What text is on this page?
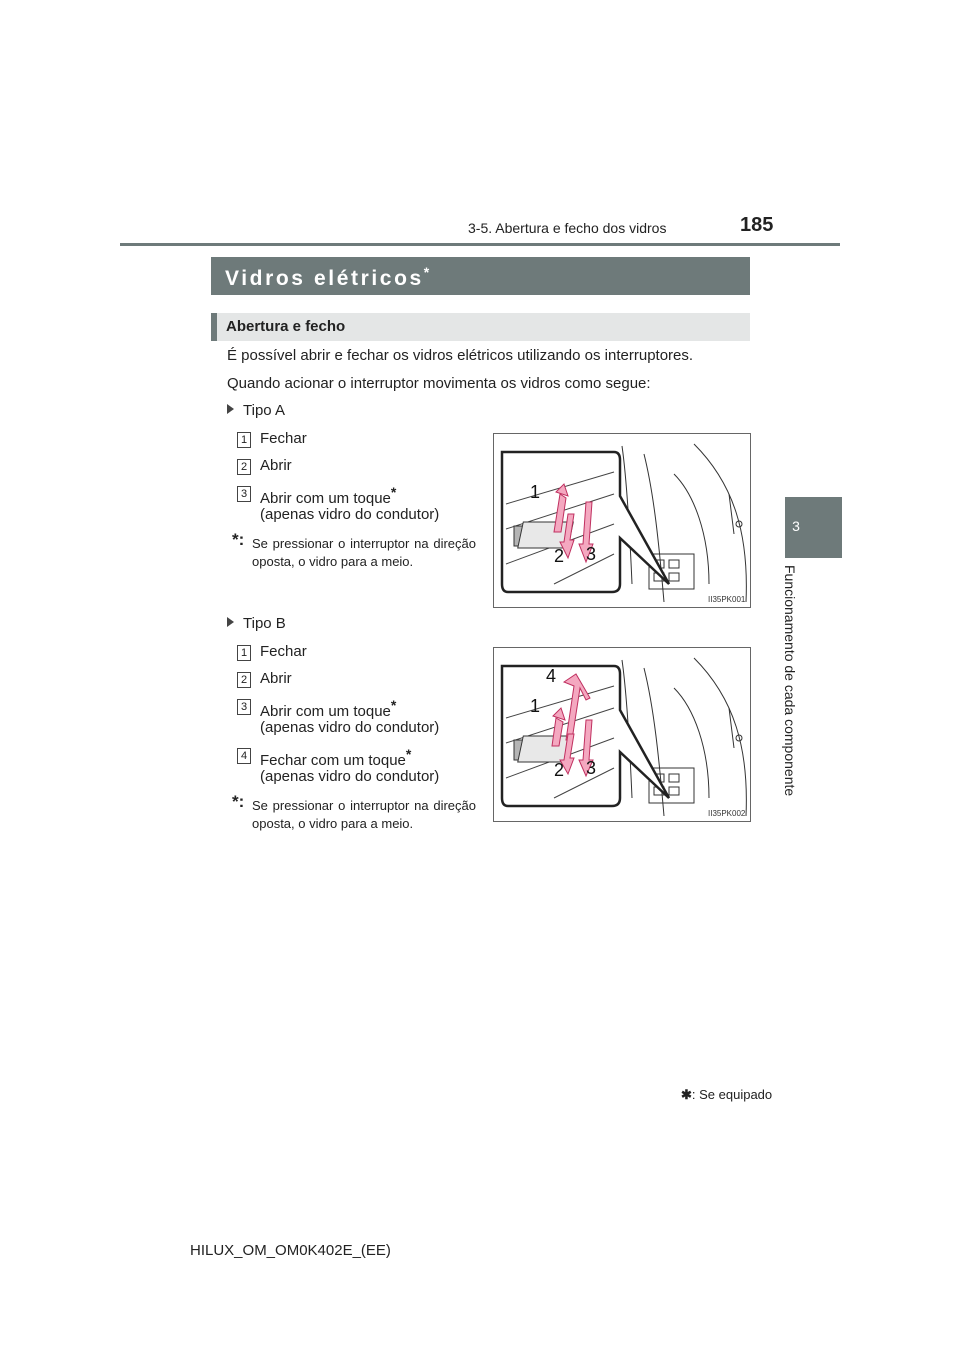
3-5. Abertura e fecho dos vidros	185
3
Funcionamento de cada componente
Vidros elétricos*
Abertura e fecho
É possível abrir e fechar os vidros elétricos utilizando os interruptores.
Quando acionar o interruptor movimenta os vidros como segue:
Tipo A
1 Fechar
2 Abrir
3 Abrir com um toque*
(apenas vidro do condutor)
*: Se pressionar o interruptor na direção oposta, o vidro para a meio.
1
2 3
II35PK001
Tipo B
1 Fechar
2 Abrir
3 Abrir com um toque*
(apenas vidro do condutor)
4 Fechar com um toque*
(apenas vidro do condutor)
*: Se pressionar o interruptor na direção oposta, o vidro para a meio.
4
1
2 3
II35PK002
✱: Se equipado
HILUX_OM_OM0K402E_(EE)
